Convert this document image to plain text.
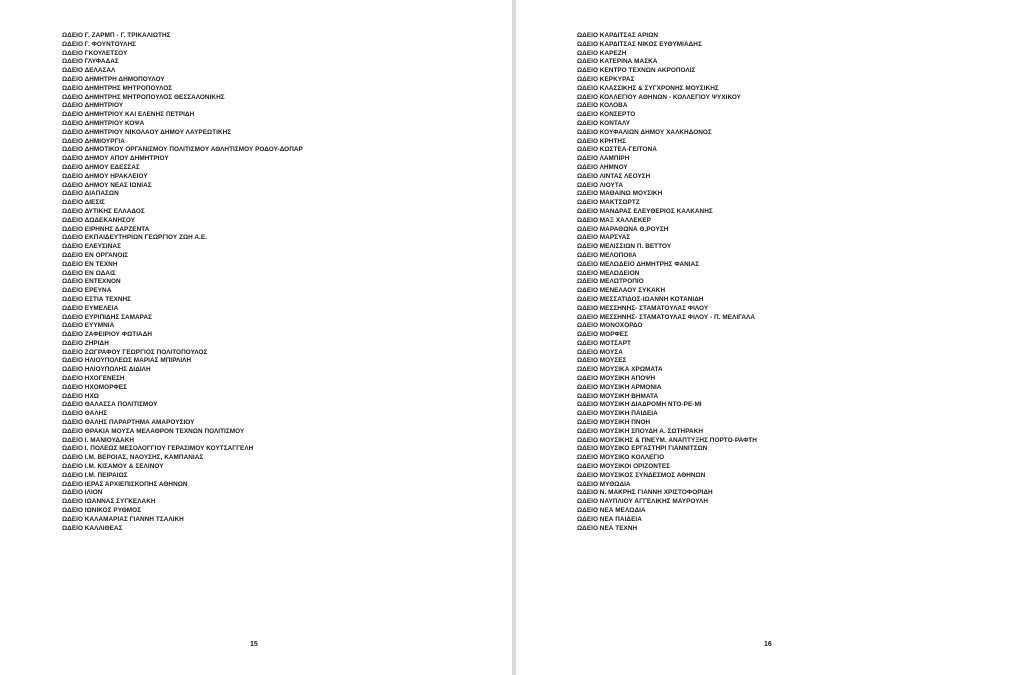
ΩΔΕΙΟ Γ. ΖΑΡΜΠ - Γ. ΤΡΙΚΑΛΙΩΤΗΣ
ΩΔΕΙΟ Γ. ΦΟΥΝΤΟΥΛΗΣ
ΩΔΕΙΟ ΓΚΟΥΛΕΤΣΟΥ
ΩΔΕΙΟ ΓΛΥΦΑΔΑΣ
ΩΔΕΙΟ ΔΕΛΑΣΑΛ
ΩΔΕΙΟ ΔΗΜΗΤΡΗ ΔΗΜΟΠΟΥΛΟΥ
ΩΔΕΙΟ ΔΗΜΗΤΡΗΣ ΜΗΤΡΟΠΟΥΛΟΣ
ΩΔΕΙΟ ΔΗΜΗΤΡΗΣ ΜΗΤΡΟΠΟΥΛΟΣ ΘΕΣΣΑΛΟΝΙΚΗΣ
ΩΔΕΙΟ ΔΗΜΗΤΡΙΟΥ
ΩΔΕΙΟ ΔΗΜΗΤΡΙΟΥ ΚΑΙ ΕΛΕΝΗΣ ΠΕΤΡΙΔΗ
ΩΔΕΙΟ ΔΗΜΗΤΡΙΟΥ ΚΟΨΑ
ΩΔΕΙΟ ΔΗΜΗΤΡΙΟΥ ΝΙΚΟΛΑΟΥ ΔΗΜΟΥ ΛΑΥΡΕΩΤΙΚΗΣ
ΩΔΕΙΟ ΔΗΜΙΟΥΡΓΙΑ
ΩΔΕΙΟ ΔΗΜΟΤΙΚΟΥ ΟΡΓΑΝΙΣΜΟΥ ΠΟΛΙΤΙΣΜΟΥ ΑΘΛΗΤΙΣΜΟΥ ΡΟΔΟΥ-ΔΟΠΑΡ
ΩΔΕΙΟ ΔΗΜΟΥ ΑΠΟΥ ΔΗΜΗΤΡΙΟΥ
ΩΔΕΙΟ ΔΗΜΟΥ ΕΔΕΣΣΑΣ
ΩΔΕΙΟ ΔΗΜΟΥ ΗΡΑΚΛΕΙΟΥ
ΩΔΕΙΟ ΔΗΜΟΥ ΝΕΑΣ ΙΩΝΙΑΣ
ΩΔΕΙΟ ΔΙΑΠΑΣΩΝ
ΩΔΕΙΟ ΔΙΕΣΙΣ
ΩΔΕΙΟ ΔΥΤΙΚΗΣ ΕΛΛΑΔΟΣ
ΩΔΕΙΟ ΔΩΔΕΚΑΝΗΣΟΥ
ΩΔΕΙΟ ΕΙΡΗΝΗΣ ΔΑΡΖΕΝΤΑ
ΩΔΕΙΟ ΕΚΠΑΙΔΕΥΤΗΡΙΩΝ ΓΕΩΡΓΙΟΥ ΖΩΗ Α.Ε.
ΩΔΕΙΟ ΕΛΕΥΣΙΝΑΣ
ΩΔΕΙΟ ΕΝ ΟΡΓΑΝΟΙΣ
ΩΔΕΙΟ ΕΝ ΤΕΧΝΗ
ΩΔΕΙΟ ΕΝ ΩΔΑΙΣ
ΩΔΕΙΟ ΕΝΤΕΧΝΟΝ
ΩΔΕΙΟ ΕΡΕΥΝΑ
ΩΔΕΙΟ ΕΣΤΙΑ ΤΕΧΝΗΣ
ΩΔΕΙΟ ΕΥΜΕΛΕΙΑ
ΩΔΕΙΟ ΕΥΡΙΠΙΔΗΣ ΣΑΜΑΡΑΣ
ΩΔΕΙΟ ΕΥΥΜΝΙΑ
ΩΔΕΙΟ ΖΑΦΕΙΡΙΟΥ ΦΩΤΙΑΔΗ
ΩΔΕΙΟ ΖΗΡΙΔΗ
ΩΔΕΙΟ ΖΩΓΡΑΦΟΥ ΓΕΩΡΓΙΟΣ ΠΟΛΙΤΟΠΟΥΛΟΣ
ΩΔΕΙΟ ΗΛΙΟΥΠΟΛΕΩΣ ΜΑΡΙΑΣ ΜΠΙΡΛΙΛΗ
ΩΔΕΙΟ ΗΛΙΟΥΠΟΛΗΣ ΔΙΔΙΛΗ
ΩΔΕΙΟ ΗΧΟΓΕΝΕΣΗ
ΩΔΕΙΟ ΗΧΟΜΟΡΦΕΣ
ΩΔΕΙΟ ΗΧΩ
ΩΔΕΙΟ ΘΑΛΑΣΣΑ ΠΟΛΙΤΙΣΜΟΥ
ΩΔΕΙΟ ΘΑΛΗΣ
ΩΔΕΙΟ ΘΑΛΗΣ ΠΑΡΑΡΤΗΜΑ ΑΜΑΡΟΥΣΙΟΥ
ΩΔΕΙΟ ΘΡΑΚΙΑ ΜΟΥΣΑ ΜΕΛΑΘΡΟΝ ΤΕΧΝΩΝ ΠΟΛΙΤΙΣΜΟΥ
ΩΔΕΙΟ Ι. ΜΑΝΙΟΥΔΑΚΗ
ΩΔΕΙΟ Ι. ΠΟΛΕΩΣ ΜΕΣΟΛΟΓΓΙΟΥ ΓΕΡΑΣΙΜΟΥ ΚΟΥΤΣΑΓΓΕΛΗ
ΩΔΕΙΟ Ι.Μ. ΒΕΡΟΙΑΣ, ΝΑΟΥΣΗΣ, ΚΑΜΠΑΝΙΑΣ
ΩΔΕΙΟ Ι.Μ. ΚΙΣΑΜΟΥ & ΣΕΛΙΝΟΥ
ΩΔΕΙΟ Ι.Μ. ΠΕΙΡΑΙΩΣ
ΩΔΕΙΟ ΙΕΡΑΣ ΑΡΧΙΕΠΙΣΚΟΠΗΣ ΑΘΗΝΩΝ
ΩΔΕΙΟ ΙΛΙΟΝ
ΩΔΕΙΟ ΙΩΑΝΝΑΣ ΣΥΓΚΕΛΑΚΗ
ΩΔΕΙΟ ΙΩΝΙΚΟΣ ΡΥΘΜΟΣ
ΩΔΕΙΟ ΚΑΛΑΜΑΡΙΑΣ ΓΙΑΝΝΗ ΤΣΑΛΙΚΗ
ΩΔΕΙΟ ΚΑΛΛΙΘΕΑΣ
15
ΩΔΕΙΟ ΚΑΡΔΙΤΣΑΣ ΑΡΙΩΝ
ΩΔΕΙΟ ΚΑΡΔΙΤΣΑΣ ΝΙΚΟΣ ΕΥΘΥΜΙΑΔΗΣ
ΩΔΕΙΟ ΚΑΡΕΖΗ
ΩΔΕΙΟ ΚΑΤΕΡΙΝΑ ΜΑΣΚΑ
ΩΔΕΙΟ ΚΕΝΤΡΟ ΤΕΧΝΩΝ ΑΚΡΟΠΟΛΙΣ
ΩΔΕΙΟ ΚΕΡΚΥΡΑΣ
ΩΔΕΙΟ ΚΛΑΣΣΙΚΗΣ & ΣΥΓΧΡΟΝΗΣ ΜΟΥΣΙΚΗΣ
ΩΔΕΙΟ ΚΟΛΛΕΓΙΟΥ ΑΘΗΝΩΝ - ΚΟΛΛΕΓΙΟΥ ΨΥΧΙΚΟΥ
ΩΔΕΙΟ ΚΟΛΟΒΑ
ΩΔΕΙΟ ΚΟΝΣΕΡΤΟ
ΩΔΕΙΟ ΚΟΝΤΑΛΥ
ΩΔΕΙΟ ΚΟΥΦΑΛΙΩΝ ΔΗΜΟΥ ΧΑΛΚΗΔΟΝΟΣ
ΩΔΕΙΟ ΚΡΗΤΗΣ
ΩΔΕΙΟ ΚΩΣΤΕΑ-ΓΕΙΤΟΝΑ
ΩΔΕΙΟ ΛΑΜΠΙΡΗ
ΩΔΕΙΟ ΛΗΜΝΟΥ
ΩΔΕΙΟ ΛΙΝΤΑΣ ΛΕΟΥΣΗ
ΩΔΕΙΟ ΛΙΟΥΤΑ
ΩΔΕΙΟ ΜΑΘΑΙΝΩ ΜΟΥΣΙΚΗ
ΩΔΕΙΟ ΜΑΚΤΣΩΡΤΖ
ΩΔΕΙΟ ΜΑΝΔΡΑΣ ΕΛΕΥΘΕΡΙΟΣ ΚΑΛΚΑΝΗΣ
ΩΔΕΙΟ ΜΑΞ ΧΑΛΛΕΚΕΡ
ΩΔΕΙΟ ΜΑΡΑΘΩΝΑ Θ.ΡΟΥΣΗ
ΩΔΕΙΟ ΜΑΡΣΥΑΣ
ΩΔΕΙΟ ΜΕΛΙΣΣΙΩΝ Π. ΒΕΤΤΟΥ
ΩΔΕΙΟ ΜΕΛΟΠΟΙΙΑ
ΩΔΕΙΟ ΜΕΛΩΔΕΙΟ ΔΗΜΗΤΡΗΣ ΦΑΝΙΑΣ
ΩΔΕΙΟ ΜΕΛΩΔΕΙΟΝ
ΩΔΕΙΟ ΜΕΛΩΤΡΟΠΙΟ
ΩΔΕΙΟ ΜΕΝΕΛΑΟΥ ΣΥΚΑΚΗ
ΩΔΕΙΟ ΜΕΣΣΑΤΙΔΟΣ-ΙΩΑΝΝΗ ΚΟΤΑΝΙΔΗ
ΩΔΕΙΟ ΜΕΣΣΗΝΗΣ- ΣΤΑΜΑΤΟΥΛΑΣ ΦΙΛΟΥ
ΩΔΕΙΟ ΜΕΣΣΗΝΗΣ- ΣΤΑΜΑΤΟΥΛΑΣ ΦΙΛΟΥ - Π. ΜΕΛΙΓΑΛΑ
ΩΔΕΙΟ ΜΟΝΟΧΟΡΔΟ
ΩΔΕΙΟ ΜΟΡΦΕΣ
ΩΔΕΙΟ ΜΟΤΣΑΡΤ
ΩΔΕΙΟ ΜΟΥΣΑ
ΩΔΕΙΟ ΜΟΥΣΕΣ
ΩΔΕΙΟ ΜΟΥΣΙΚΑ ΧΡΩΜΑΤΑ
ΩΔΕΙΟ ΜΟΥΣΙΚΗ ΑΠΟΨΗ
ΩΔΕΙΟ ΜΟΥΣΙΚΗ ΑΡΜΟΝΙΑ
ΩΔΕΙΟ ΜΟΥΣΙΚΗ ΒΗΜΑΤΑ
ΩΔΕΙΟ ΜΟΥΣΙΚΗ ΔΙΑΔΡΟΜΗ ΝΤΟ-ΡΕ-ΜΙ
ΩΔΕΙΟ ΜΟΥΣΙΚΗ ΠΑΙΔΕΙΑ
ΩΔΕΙΟ ΜΟΥΣΙΚΗ ΠΝΟΗ
ΩΔΕΙΟ ΜΟΥΣΙΚΗ ΣΠΟΥΔΗ Α. ΣΩΤΗΡΑΚΗ
ΩΔΕΙΟ ΜΟΥΣΙΚΗΣ & ΠΝΕΥΜ. ΑΝΑΠΤΥΞΗΣ ΠΟΡΤΟ-ΡΑΦΤΗ
ΩΔΕΙΟ ΜΟΥΣΙΚΟ ΕΡΓΑΣΤΗΡΙ ΓΙΑΝΝΙΤΣΩΝ
ΩΔΕΙΟ ΜΟΥΣΙΚΟ ΚΟΛΛΕΓΙΟ
ΩΔΕΙΟ ΜΟΥΣΙΚΟΙ ΟΡΙΖΟΝΤΕΣ
ΩΔΕΙΟ ΜΟΥΣΙΚΟΣ ΣΥΝΔΕΣΜΟΣ ΑΘΗΝΩΝ
ΩΔΕΙΟ ΜΥΘΩΔΙΑ
ΩΔΕΙΟ Ν. ΜΑΚΡΗΣ ΓΙΑΝΝΗ ΧΡΙΣΤΟΦΟΡΙΔΗ
ΩΔΕΙΟ ΝΑΥΠΛΙΟΥ ΑΓΓΕΛΙΚΗΣ ΜΑΥΡΟΥΛΗ
ΩΔΕΙΟ ΝΕΑ ΜΕΛΩΔΙΑ
ΩΔΕΙΟ ΝΕΑ ΠΑΙΔΕΙΑ
ΩΔΕΙΟ ΝΕΑ ΤΕΧΝΗ
16
